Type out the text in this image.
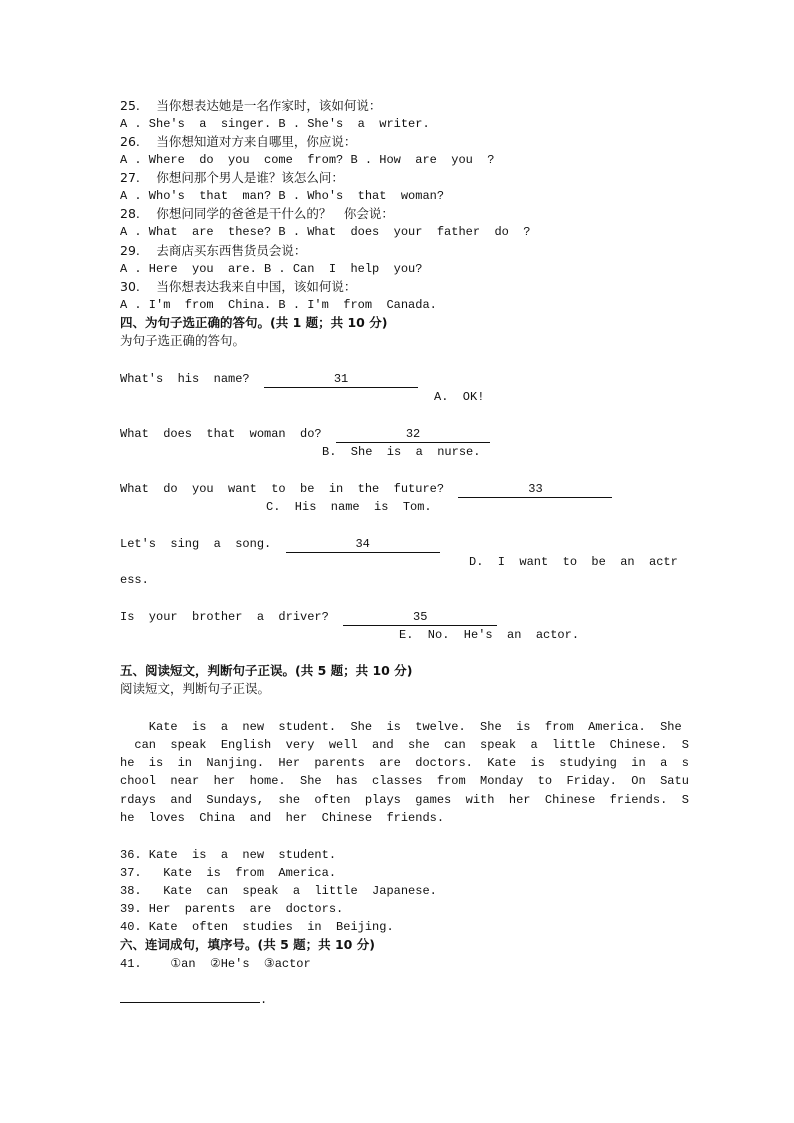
25.　 当你想表达她是一名作家时，该如何说：
A . She's  a  singer. B . She's  a  writer.
26.　 当你想知道对方来自哪里，你应说：
A . Where  do  you  come  from? B . How  are  you  ?
27.　 你想问那个男人是谁？该怎么问：
A . Who's  that  man? B . Who's  that  woman?
28.　 你想问同学的爸爸是干什么的？　你会说：
A . What  are  these? B . What  does  your  father  do  ?
29.　 去商店买东西售货员会说：
A . Here  you  are. B . Can  I  help  you?
30.　 当你想表达我来自中国，该如何说：
A . I'm  from  China. B . I'm  from  Canada.
四、为句子选正确的答句。(共 1 题；共 10 分)
为句子选正确的答句。
What's  his  name?	31
A.  OK!
What  does  that  woman  do?	32
B.  She  is  a  nurse.
What  do  you  want  to  be  in  the  future?	33
C.  His  name  is  Tom.
Let's  sing  a  song.	34
D.  I  want  to  be  an  actr
ess.
Is  your  brother  a  driver?	35
E.  No.  He's  an  actor.
五、阅读短文，判断句子正误。(共 5 题；共 10 分)
阅读短文，判断句子正误。
Kate  is  a  new  student.  She  is  twelve.  She  is  from  America.  She
can  speak  English  very  well  and  she  can  speak  a  little  Chinese.  S
he  is  in  Nanjing.  Her  parents  are  doctors.  Kate  is  studying  in  a  s
chool  near  her  home.  She  has  classes  from  Monday  to  Friday.  On  Satu
rdays  and  Sundays,  she  often  plays  games  with  her  Chinese  friends.  S
he  loves  China  and  her  Chinese  friends.
36. Kate  is  a  new  student.
37.   Kate  is  from  America.
38.   Kate  can  speak  a  little  Japanese.
39. Her  parents  are  doctors.
40. Kate  often  studies  in  Beijing.
六、连词成句，填序号。(共 5 题；共 10 分)
41.    ①an  ②He's  ③actor
.
